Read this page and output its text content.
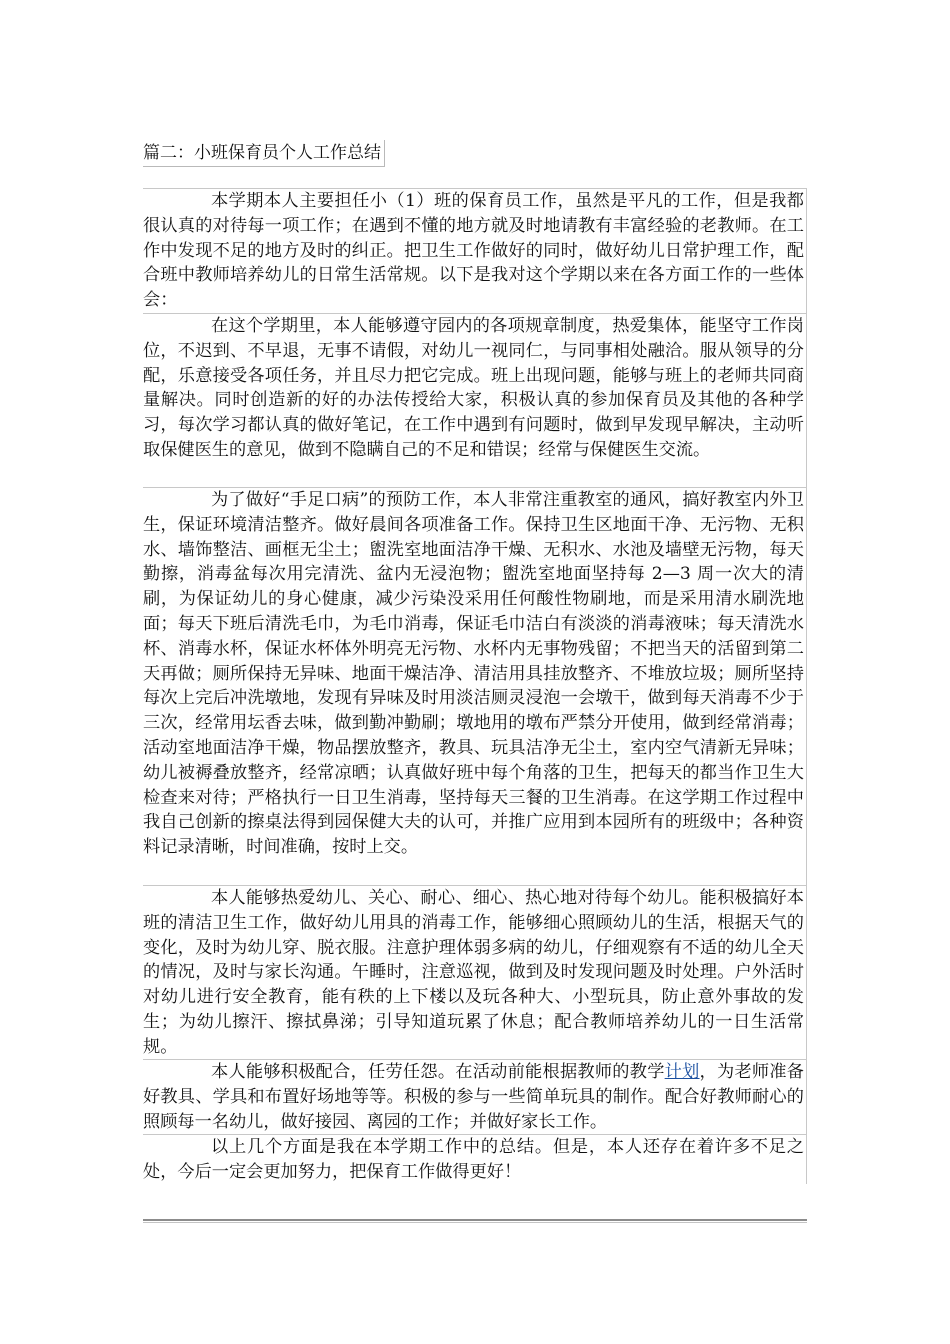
篇二：小班保育员个人工作总结

本学期本人主要担任小（1）班的保育员工作，虽然是平凡的工作，但是我都很认真的对待每一项工作；在遇到不懂的地方就及时地请教有丰富经验的老教师。在工作中发现不足的地方及时的纠正。把卫生工作做好的同时，做好幼儿日常护理工作，配合班中教师培养幼儿的日常生活常规。以下是我对这个学期以来在各方面工作的一些体会：

在这个学期里，本人能够遵守园内的各项规章制度，热爱集体，能坚守工作岗位，不迟到、不早退，无事不请假，对幼儿一视同仁，与同事相处融洽。服从领导的分配，乐意接受各项任务，并且尽力把它完成。班上出现问题，能够与班上的老师共同商量解决。同时创造新的好的办法传授给大家，积极认真的参加保育员及其他的各种学习，每次学习都认真的做好笔记，在工作中遇到有问题时，做到早发现早解决，主动听取保健医生的意见，做到不隐瞒自己的不足和错误；经常与保健医生交流。

为了做好“手足口病”的预防工作，本人非常注重教室的通风，搞好教室内外卫生，保证环境清洁整齐。做好晨间各项准备工作。保持卫生区地面干净、无污物、无积水、墙饰整洁、画框无尘土；盥洗室地面洁净干燥、无积水、水池及墙壁无污物，每天勤擦，消毒盆每次用完清洗、盆内无浸泡物；盥洗室地面坚持每 2—3 周一次大的清刷，为保证幼儿的身心健康，减少污染没采用任何酸性物刷地，而是采用清水刷洗地面；每天下班后清洗毛巾，为毛巾消毒，保证毛巾洁白有淡淡的消毒液味；每天清洗水杯、消毒水杯，保证水杯体外明亮无污物、水杯内无事物残留；不把当天的活留到第二天再做；厕所保持无异味、地面干燥洁净、清洁用具挂放整齐、不堆放垃圾；厕所坚持每次上完后冲洗墩地，发现有异味及时用淡洁厕灵浸泡一会墩干，做到每天消毒不少于三次，经常用坛香去味，做到勤冲勤刷；墩地用的墩布严禁分开使用，做到经常消毒；活动室地面洁净干燥，物品摆放整齐，教具、玩具洁净无尘土，室内空气清新无异味；幼儿被褥叠放整齐，经常凉晒；认真做好班中每个角落的卫生，把每天的都当作卫生大检查来对待；严格执行一日卫生消毒，坚持每天三餐的卫生消毒。在这学期工作过程中我自己创新的擦桌法得到园保健大夫的认可，并推广应用到本园所有的班级中；各种资料记录清晰，时间准确，按时上交。

本人能够热爱幼儿、关心、耐心、细心、热心地对待每个幼儿。能积极搞好本班的清洁卫生工作，做好幼儿用具的消毒工作，能够细心照顾幼儿的生活，根据天气的变化，及时为幼儿穿、脱衣服。注意护理体弱多病的幼儿，仔细观察有不适的幼儿全天的情况，及时与家长沟通。午睡时，注意巡视，做到及时发现问题及时处理。户外活时对幼儿进行安全教育，能有秩的上下楼以及玩各种大、小型玩具，防止意外事故的发生；为幼儿擦汗、擦拭鼻涕；引导知道玩累了休息；配合教师培养幼儿的一日生活常规。

本人能够积极配合，任劳任怨。在活动前能根据教师的教学计划，为老师准备好教具、学具和布置好场地等等。积极的参与一些简单玩具的制作。配合好教师耐心的照顾每一名幼儿，做好接园、离园的工作；并做好家长工作。

以上几个方面是我在本学期工作中的总结。但是，本人还存在着许多不足之处，今后一定会更加努力，把保育工作做得更好！
